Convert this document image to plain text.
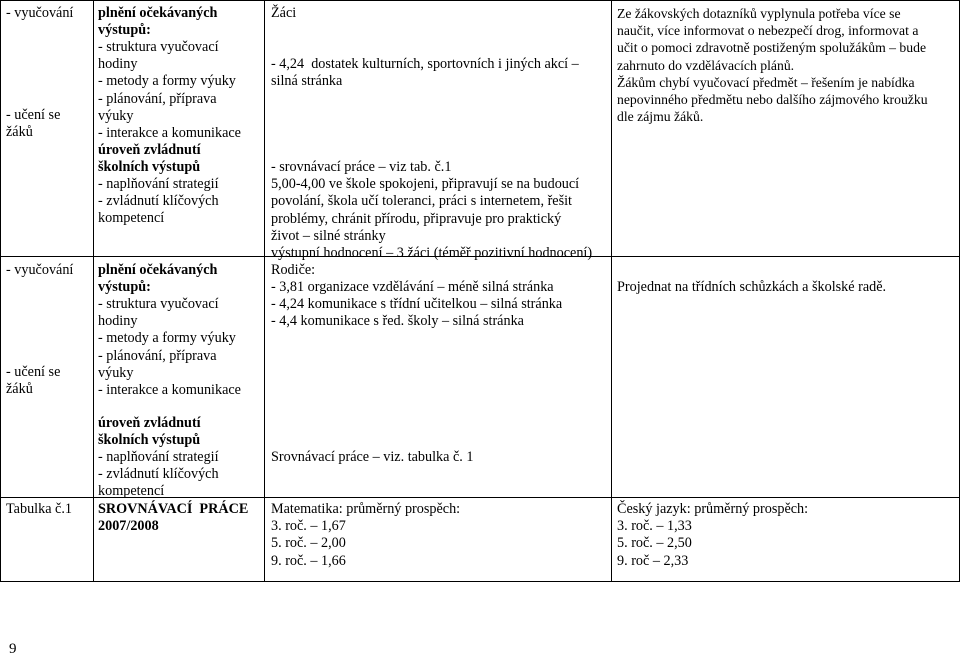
- vyučování
- učení se
žáků
plnění očekávaných
výstupů:
- struktura vyučovací
hodiny
- metody a formy výuky
- plánování, příprava
výuky
- interakce a komunikace
úroveň zvládnutí
školních výstupů
- naplňování strategií
- zvládnutí klíčových
kompetencí
Žáci
- 4,24  dostatek kulturních, sportovních i jiných akcí –
silná stránka
- srovnávací práce – viz tab. č.1
5,00-4,00 ve škole spokojeni, připravují se na budoucí
povolání, škola učí toleranci, práci s internetem, řešit
problémy, chránit přírodu, připravuje pro praktický
život – silné stránky
výstupní hodnocení – 3 žáci (téměř pozitivní hodnocení)
Ze žákovských dotazníků vyplynula potřeba více se
naučit, více informovat o nebezpečí drog, informovat a
učit o pomoci zdravotně postiženým spolužákům – bude
zahrnuto do vzdělávacích plánů.
Žákům chybí vyučovací předmět – řešením je nabídka
nepovinného předmětu nebo dalšího zájmového kroužku
dle zájmu žáků.
- vyučování
- učení se
žáků
plnění očekávaných
výstupů:
- struktura vyučovací
hodiny
- metody a formy výuky
- plánování, příprava
výuky
- interakce a komunikace
úroveň zvládnutí
školních výstupů
- naplňování strategií
- zvládnutí klíčových
kompetencí
Rodiče:
- 3,81 organizace vzdělávání – méně silná stránka
- 4,24 komunikace s třídní učitelkou – silná stránka
- 4,4 komunikace s řed. školy – silná stránka
Srovnávací práce – viz. tabulka č. 1
Projednat na třídních schůzkách a školské radě.
Tabulka č.1 SROVNÁVACÍ  PRÁCE
2007/2008
Matematika: průměrný prospěch:
3. roč. – 1,67
5. roč. – 2,00
9. roč. – 1,66
Český jazyk: průměrný prospěch:
3. roč. – 1,33
5. roč. – 2,50
9. roč – 2,33
9
